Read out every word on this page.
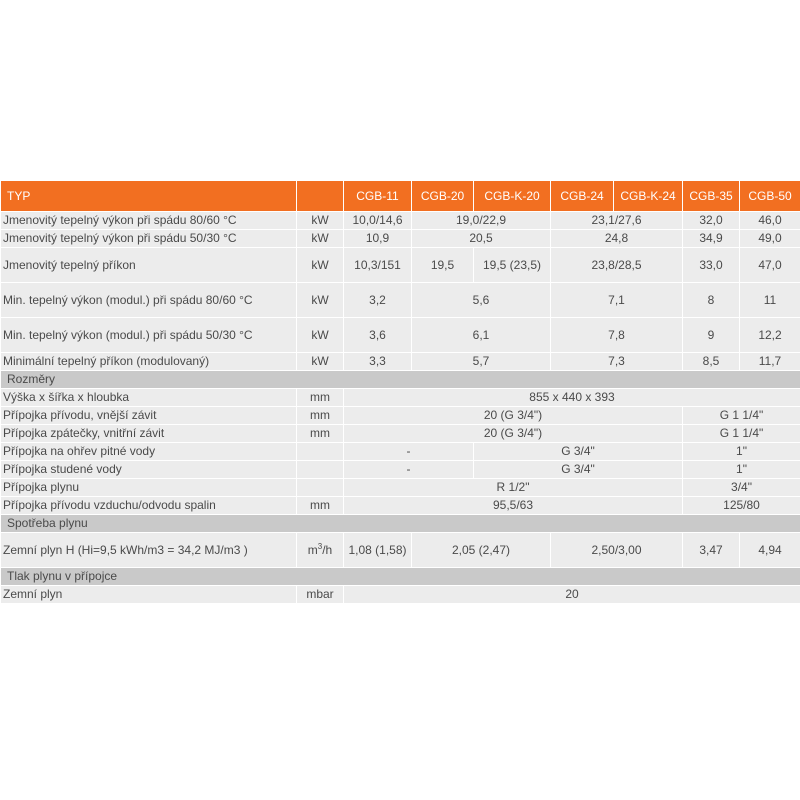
TYP		CGB-11	CGB-20	CGB-K-20	CGB-24	CGB-K-24	CGB-35	CGB-50
Jmenovitý tepelný výkon při spádu 80/60 °C	kW	10,0/14,6	19,0/22,9		23,1/27,6		32,0	46,0
Jmenovitý tepelný výkon při spádu 50/30 °C	kW	10,9	20,5		24,8		34,9	49,0
Jmenovitý tepelný příkon	kW	10,3/151	19,5	19,5 (23,5)	23,8/28,5		33,0	47,0
Min. tepelný výkon (modul.) při spádu 80/60 °C	kW	3,2	5,6		7,1		8	11
Min. tepelný výkon (modul.) při spádu 50/30 °C	kW	3,6	6,1		7,8		9	12,2
Minimální tepelný příkon (modulovaný)	kW	3,3	5,7		7,3		8,5	11,7
Rozměry								
Výška x šířka x hloubka	mm	855 x 440 x 393						
Přípojka přívodu, vnější závit	mm	20 (G 3/4")					G 1 1/4"	
Přípojka zpátečky, vnitřní závit	mm	20 (G 3/4")					G 1 1/4"	
Přípojka na ohřev pitné vody		-		G 3/4"			1"	
Přípojka studené vody		-		G 3/4"			1"	
Přípojka plynu		R 1/2"					3/4"	
Přípojka přívodu vzduchu/odvodu spalin	mm	95,5/63					125/80	
Spotřeba plynu								
Zemní plyn H (Hi=9,5 kWh/m3 = 34,2 MJ/m3 )	$m^3/h$	1,08 (1,58)	2,05 (2,47)		2,50/3,00		3,47	4,94
Tlak plynu v přípojce								
Zemní plyn	mbar	20						
